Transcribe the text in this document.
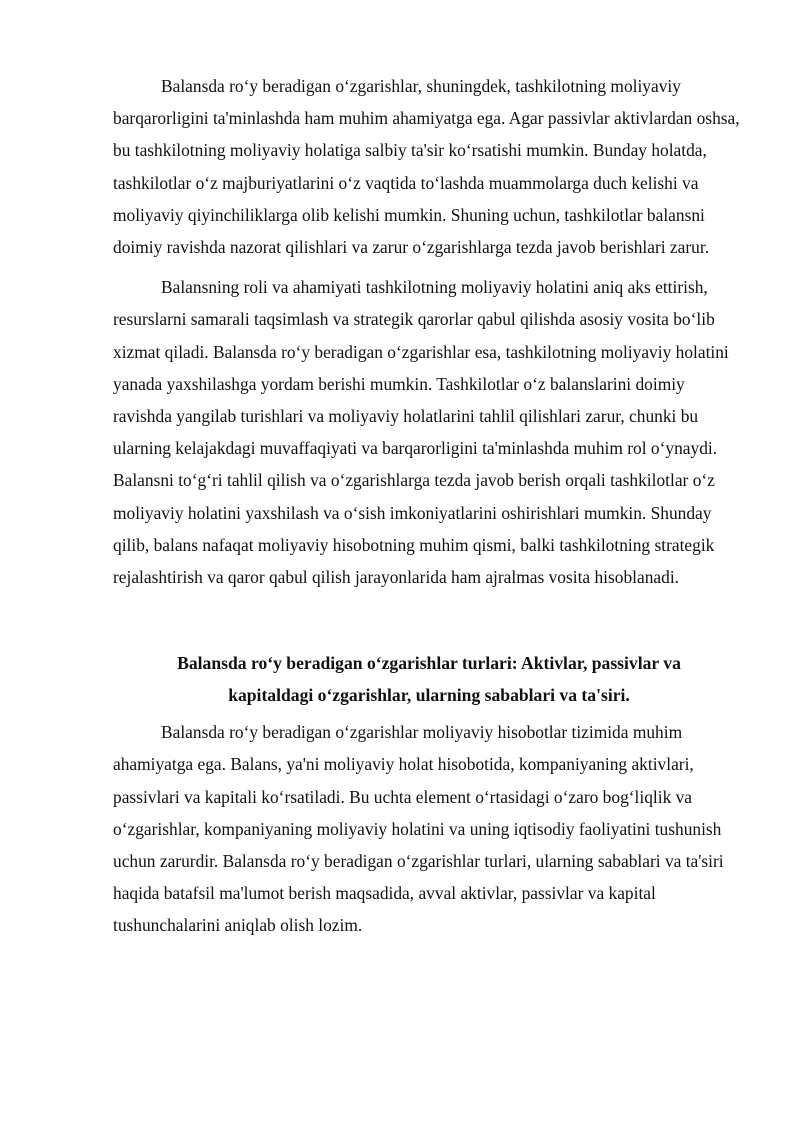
Balansda roʻy beradigan oʻzgarishlar, shuningdek, tashkilotning moliyaviy barqarorligini ta'minlashda ham muhim ahamiyatga ega. Agar passivlar aktivlardan oshsa, bu tashkilotning moliyaviy holatiga salbiy ta'sir koʻrsatishi mumkin. Bunday holatda, tashkilotlar oʻz majburiyatlarini oʻz vaqtida toʻlashda muammolarga duch kelishi va moliyaviy qiyinchiliklarga olib kelishi mumkin. Shuning uchun, tashkilotlar balansni doimiy ravishda nazorat qilishlari va zarur oʻzgarishlarga tezda javob berishlari zarur.

Balansning roli va ahamiyati tashkilotning moliyaviy holatini aniq aks ettirish, resurslarni samarali taqsimlash va strategik qarorlar qabul qilishda asosiy vosita boʻlib xizmat qiladi. Balansda roʻy beradigan oʻzgarishlar esa, tashkilotning moliyaviy holatini yanada yaxshilashga yordam berishi mumkin. Tashkilotlar oʻz balanslarini doimiy ravishda yangilab turishlari va moliyaviy holatlarini tahlil qilishlari zarur, chunki bu ularning kelajakdagi muvaffaqiyati va barqarorligini ta'minlashda muhim rol oʻynaydi. Balansni toʻgʻri tahlil qilish va oʻzgarishlarga tezda javob berish orqali tashkilotlar oʻz moliyaviy holatini yaxshilash va oʻsish imkoniyatlarini oshirishlari mumkin. Shunday qilib, balans nafaqat moliyaviy hisobotning muhim qismi, balki tashkilotning strategik rejalashtirish va qaror qabul qilish jarayonlarida ham ajralmas vosita hisoblanadi.

Balansda roʻy beradigan oʻzgarishlar turlari: Aktivlar, passivlar va kapitaldagi oʻzgarishlar, ularning sabablari va ta'siri.

Balansda roʻy beradigan oʻzgarishlar moliyaviy hisobotlar tizimida muhim ahamiyatga ega. Balans, ya'ni moliyaviy holat hisobotida, kompaniyaning aktivlari, passivlari va kapitali koʻrsatiladi. Bu uchta element oʻrtasidagi oʻzaro bogʻliqlik va oʻzgarishlar, kompaniyaning moliyaviy holatini va uning iqtisodiy faoliyatini tushunish uchun zarurdir. Balansda roʻy beradigan oʻzgarishlar turlari, ularning sabablari va ta'siri haqida batafsil ma'lumot berish maqsadida, avval aktivlar, passivlar va kapital tushunchalarini aniqlab olish lozim.
